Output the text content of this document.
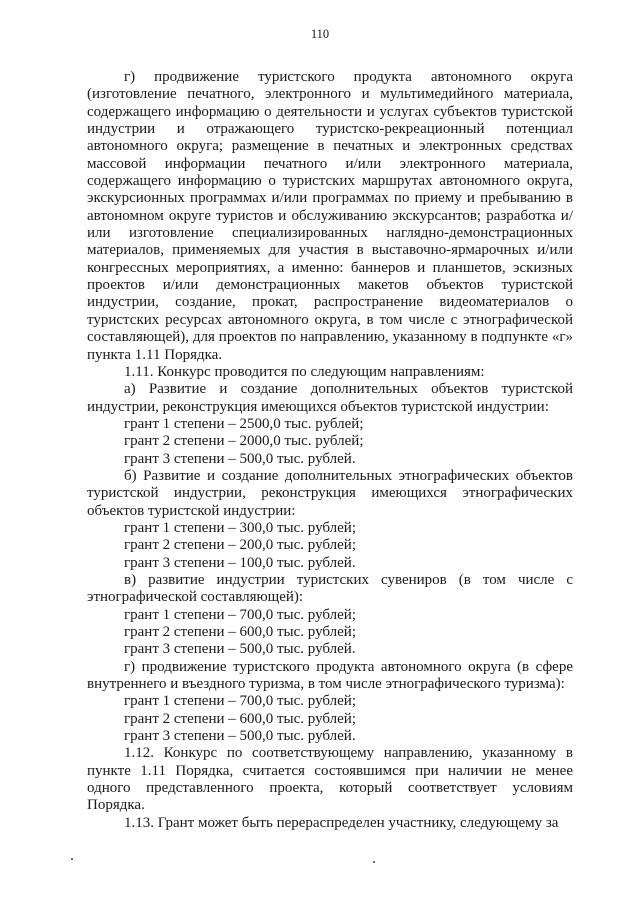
110

г) продвижение туристского продукта автономного округа (изготовление печатного, электронного и мультимедийного материала, содержащего информацию о деятельности и услугах субъектов туристской индустрии и отражающего туристско-рекреационный потенциал автономного округа; размещение в печатных и электронных средствах массовой информации печатного и/или электронного материала, содержащего информацию о туристских маршрутах автономного округа, экскурсионных программах и/или программах по приему и пребыванию в автономном округе туристов и обслуживанию экскурсантов; разработка и/или изготовление специализированных наглядно-демонстрационных материалов, применяемых для участия в выставочно-ярмарочных и/или конгрессных мероприятиях, а именно: баннеров и планшетов, эскизных проектов и/или демонстрационных макетов объектов туристской индустрии, создание, прокат, распространение видеоматериалов о туристских ресурсах автономного округа, в том числе с этнографической составляющей), для проектов по направлению, указанному в подпункте «г» пункта 1.11 Порядка.

1.11. Конкурс проводится по следующим направлениям:

а) Развитие и создание дополнительных объектов туристской индустрии, реконструкция имеющихся объектов туристской индустрии:

грант 1 степени – 2500,0 тыс. рублей;

грант 2 степени – 2000,0 тыс. рублей;

грант 3 степени – 500,0 тыс. рублей.

б) Развитие и создание дополнительных этнографических объектов туристской индустрии, реконструкция имеющихся этнографических объектов туристской индустрии:

грант 1 степени – 300,0 тыс. рублей;

грант 2 степени – 200,0 тыс. рублей;

грант 3 степени – 100,0 тыс. рублей.

в) развитие индустрии туристских сувениров (в том числе с этнографической составляющей):

грант 1 степени – 700,0 тыс. рублей;

грант 2 степени – 600,0 тыс. рублей;

грант 3 степени – 500,0 тыс. рублей.

г) продвижение туристского продукта автономного округа (в сфере внутреннего и въездного туризма, в том числе этнографического туризма):

грант 1 степени – 700,0 тыс. рублей;

грант 2 степени – 600,0 тыс. рублей;

грант 3 степени – 500,0 тыс. рублей.

1.12. Конкурс по соответствующему направлению, указанному в пункте 1.11 Порядка, считается состоявшимся при наличии не менее одного представленного проекта, который соответствует условиям Порядка.

1.13. Грант может быть перераспределен участнику, следующему за
